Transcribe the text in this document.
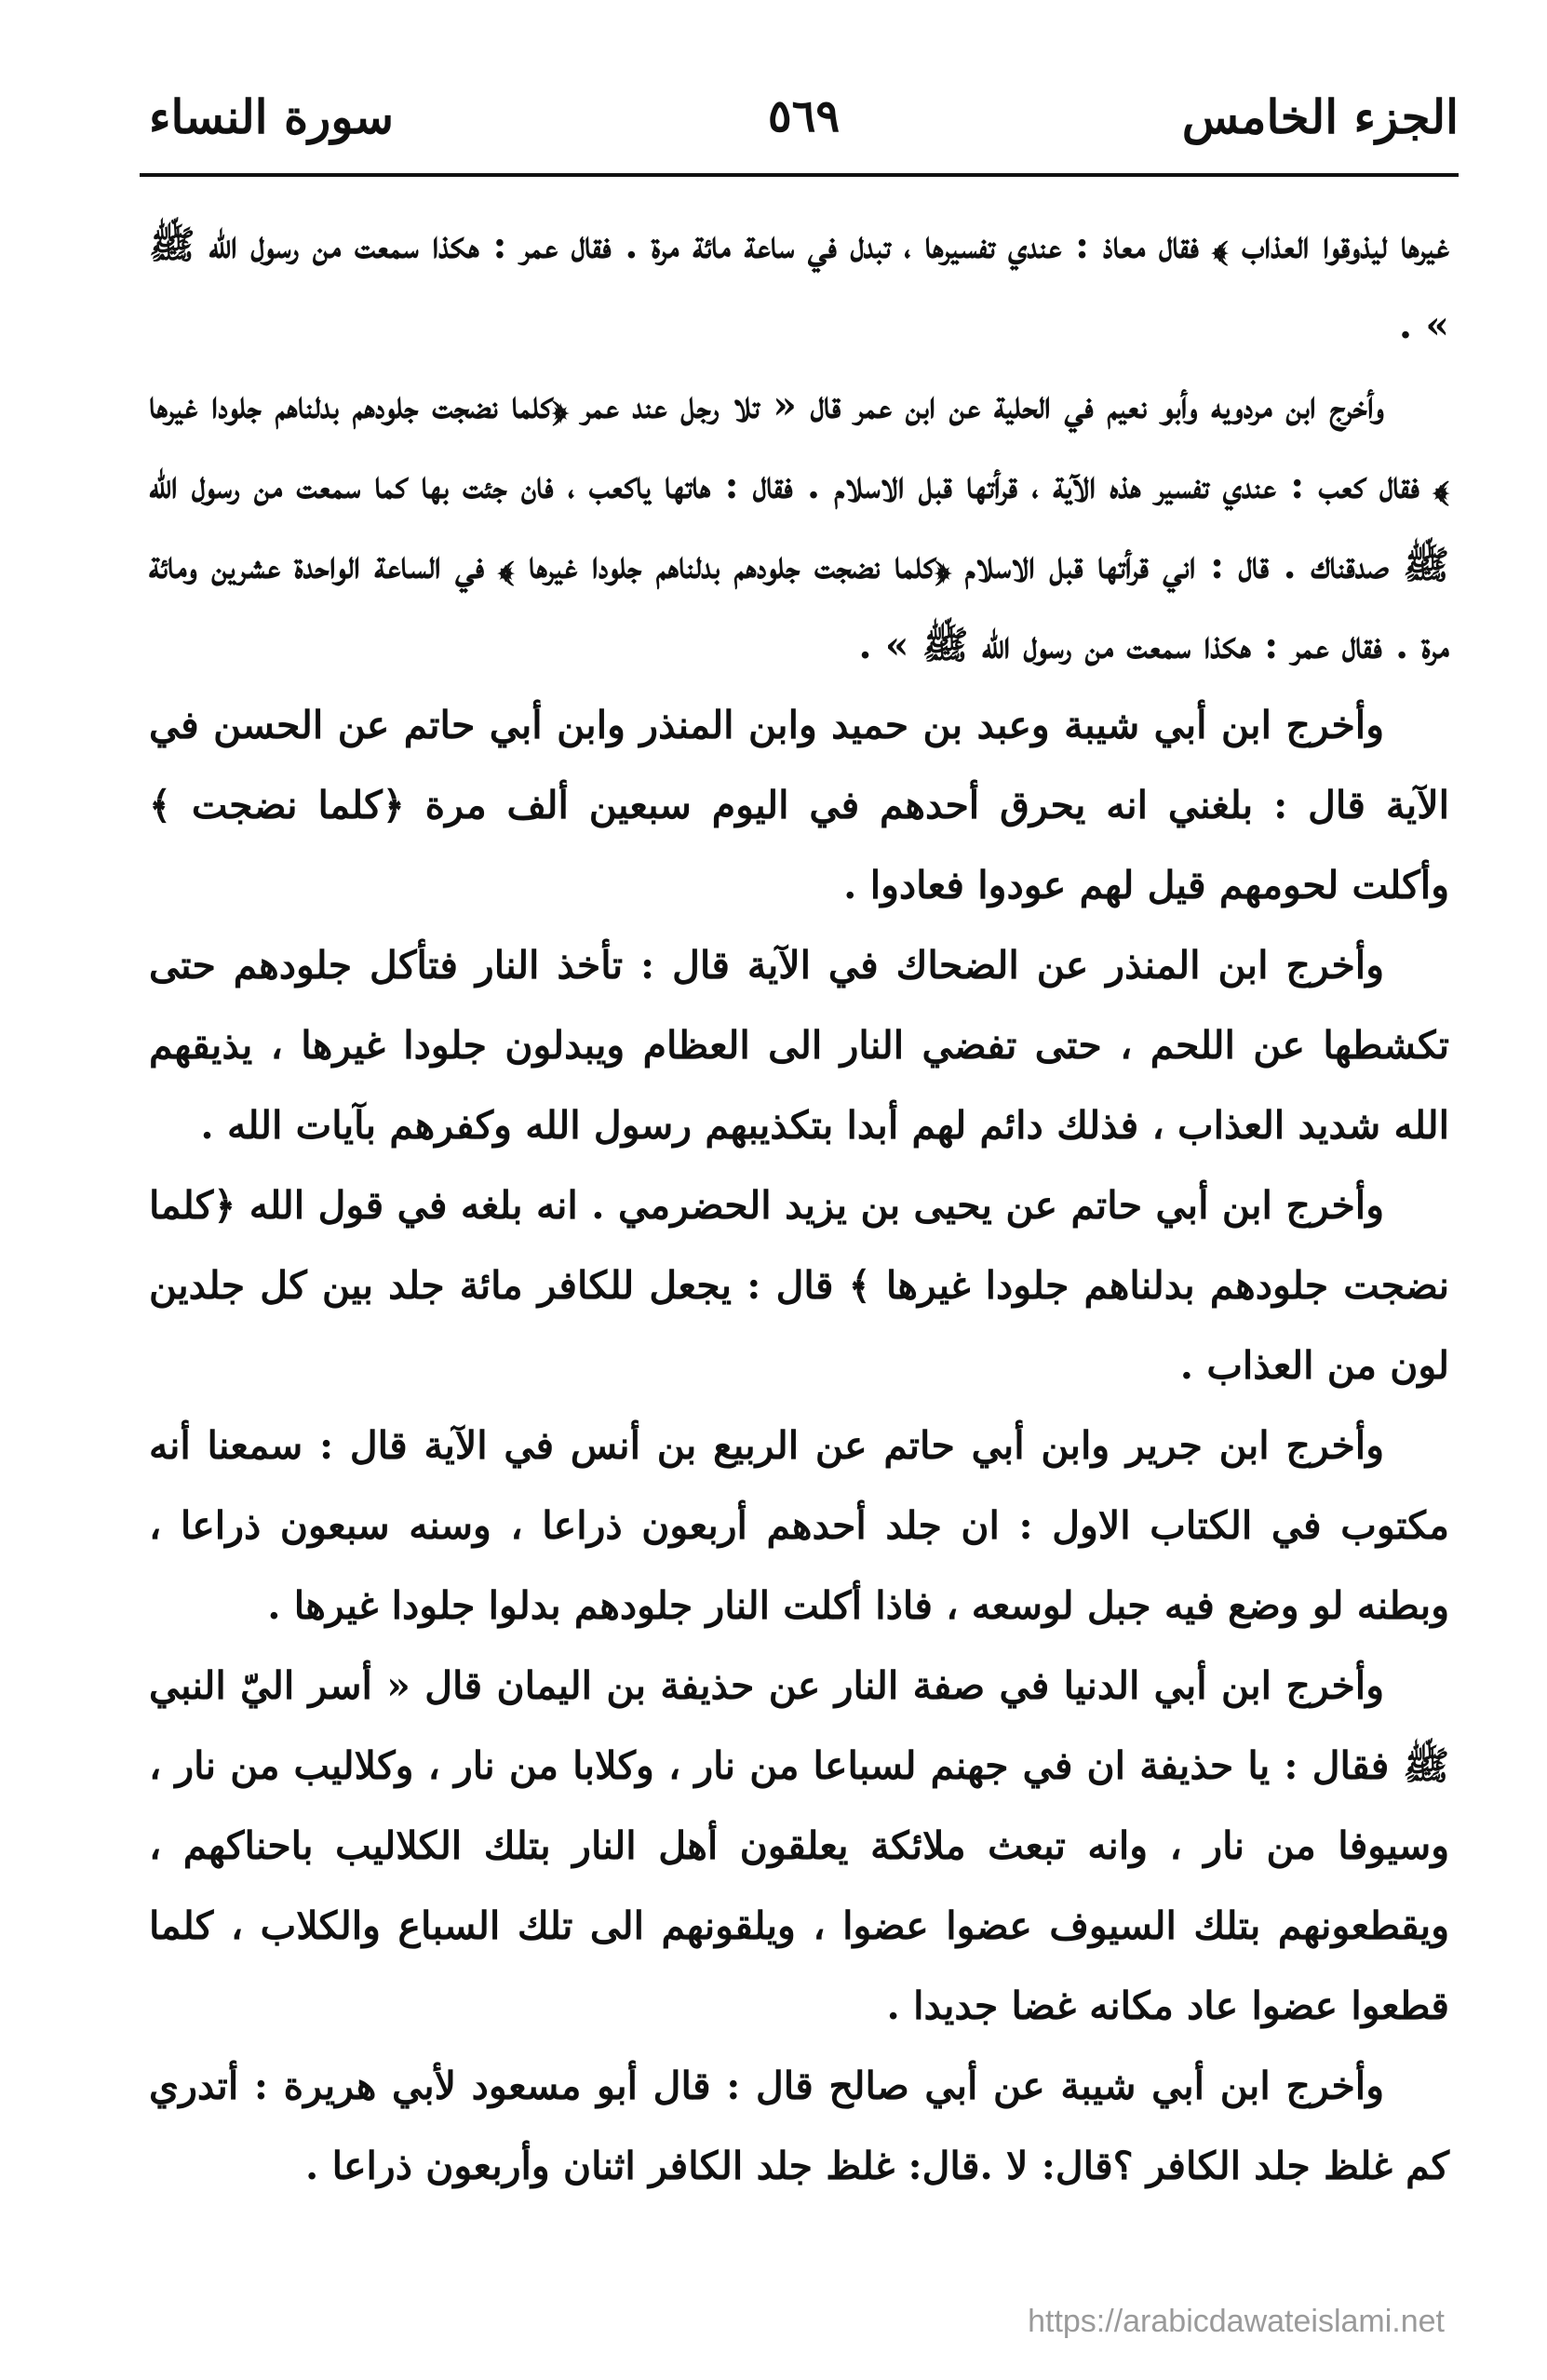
الجزء الخامس
٥٦٩
سورة النساء

غيرها ليذوقوا العذاب ﴾ فقال معاذ : عندي تفسيرها ، تبدل في ساعة مائة مرة . فقال عمر : هكذا سمعت من رسول الله ﷺ » .

وأخرج ابن مردويه وأبو نعيم في الحلية عن ابن عمر قال « تلا رجل عند عمر ﴿كلما نضجت جلودهم بدلناهم جلودا غيرها ﴾ فقال كعب : عندي تفسير هذه الآية ، قرأتها قبل الاسلام . فقال : هاتها ياكعب ، فان جئت بها كما سمعت من رسول الله ﷺ صدقناك . قال : اني قرأتها قبل الاسلام ﴿كلما نضجت جلودهم بدلناهم جلودا غيرها ﴾ في الساعة الواحدة عشرين ومائة مرة . فقال عمر : هكذا سمعت من رسول الله ﷺ » .

وأخرج ابن أبي شيبة وعبد بن حميد وابن المنذر وابن أبي حاتم عن الحسن في الآية قال : بلغني انه يحرق أحدهم في اليوم سبعين ألف مرة ﴿كلما نضجت ﴾ وأكلت لحومهم قيل لهم عودوا فعادوا .

وأخرج ابن المنذر عن الضحاك في الآية قال : تأخذ النار فتأكل جلودهم حتى تكشطها عن اللحم ، حتى تفضي النار الى العظام ويبدلون جلودا غيرها ، يذيقهم الله شديد العذاب ، فذلك دائم لهم أبدا بتكذيبهم رسول الله وكفرهم بآيات الله .

وأخرج ابن أبي حاتم عن يحيى بن يزيد الحضرمي . انه بلغه في قول الله ﴿كلما نضجت جلودهم بدلناهم جلودا غيرها ﴾ قال : يجعل للكافر مائة جلد بين كل جلدين لون من العذاب .

وأخرج ابن جرير وابن أبي حاتم عن الربيع بن أنس في الآية قال : سمعنا أنه مكتوب في الكتاب الاول : ان جلد أحدهم أربعون ذراعا ، وسنه سبعون ذراعا ، وبطنه لو وضع فيه جبل لوسعه ، فاذا أكلت النار جلودهم بدلوا جلودا غيرها .

وأخرج ابن أبي الدنيا في صفة النار عن حذيفة بن اليمان قال « أسر اليّ النبي ﷺ فقال : يا حذيفة ان في جهنم لسباعا من نار ، وكلابا من نار ، وكلاليب من نار ، وسيوفا من نار ، وانه تبعث ملائكة يعلقون أهل النار بتلك الكلاليب باحناكهم ، ويقطعونهم بتلك السيوف عضوا عضوا ، ويلقونهم الى تلك السباع والكلاب ، كلما قطعوا عضوا عاد مكانه غضا جديدا .

وأخرج ابن أبي شيبة عن أبي صالح قال : قال أبو مسعود لأبي هريرة : أتدري كم غلظ جلد الكافر ؟قال: لا .قال: غلظ جلد الكافر اثنان وأربعون ذراعا .

https://arabicdawateislami.net
